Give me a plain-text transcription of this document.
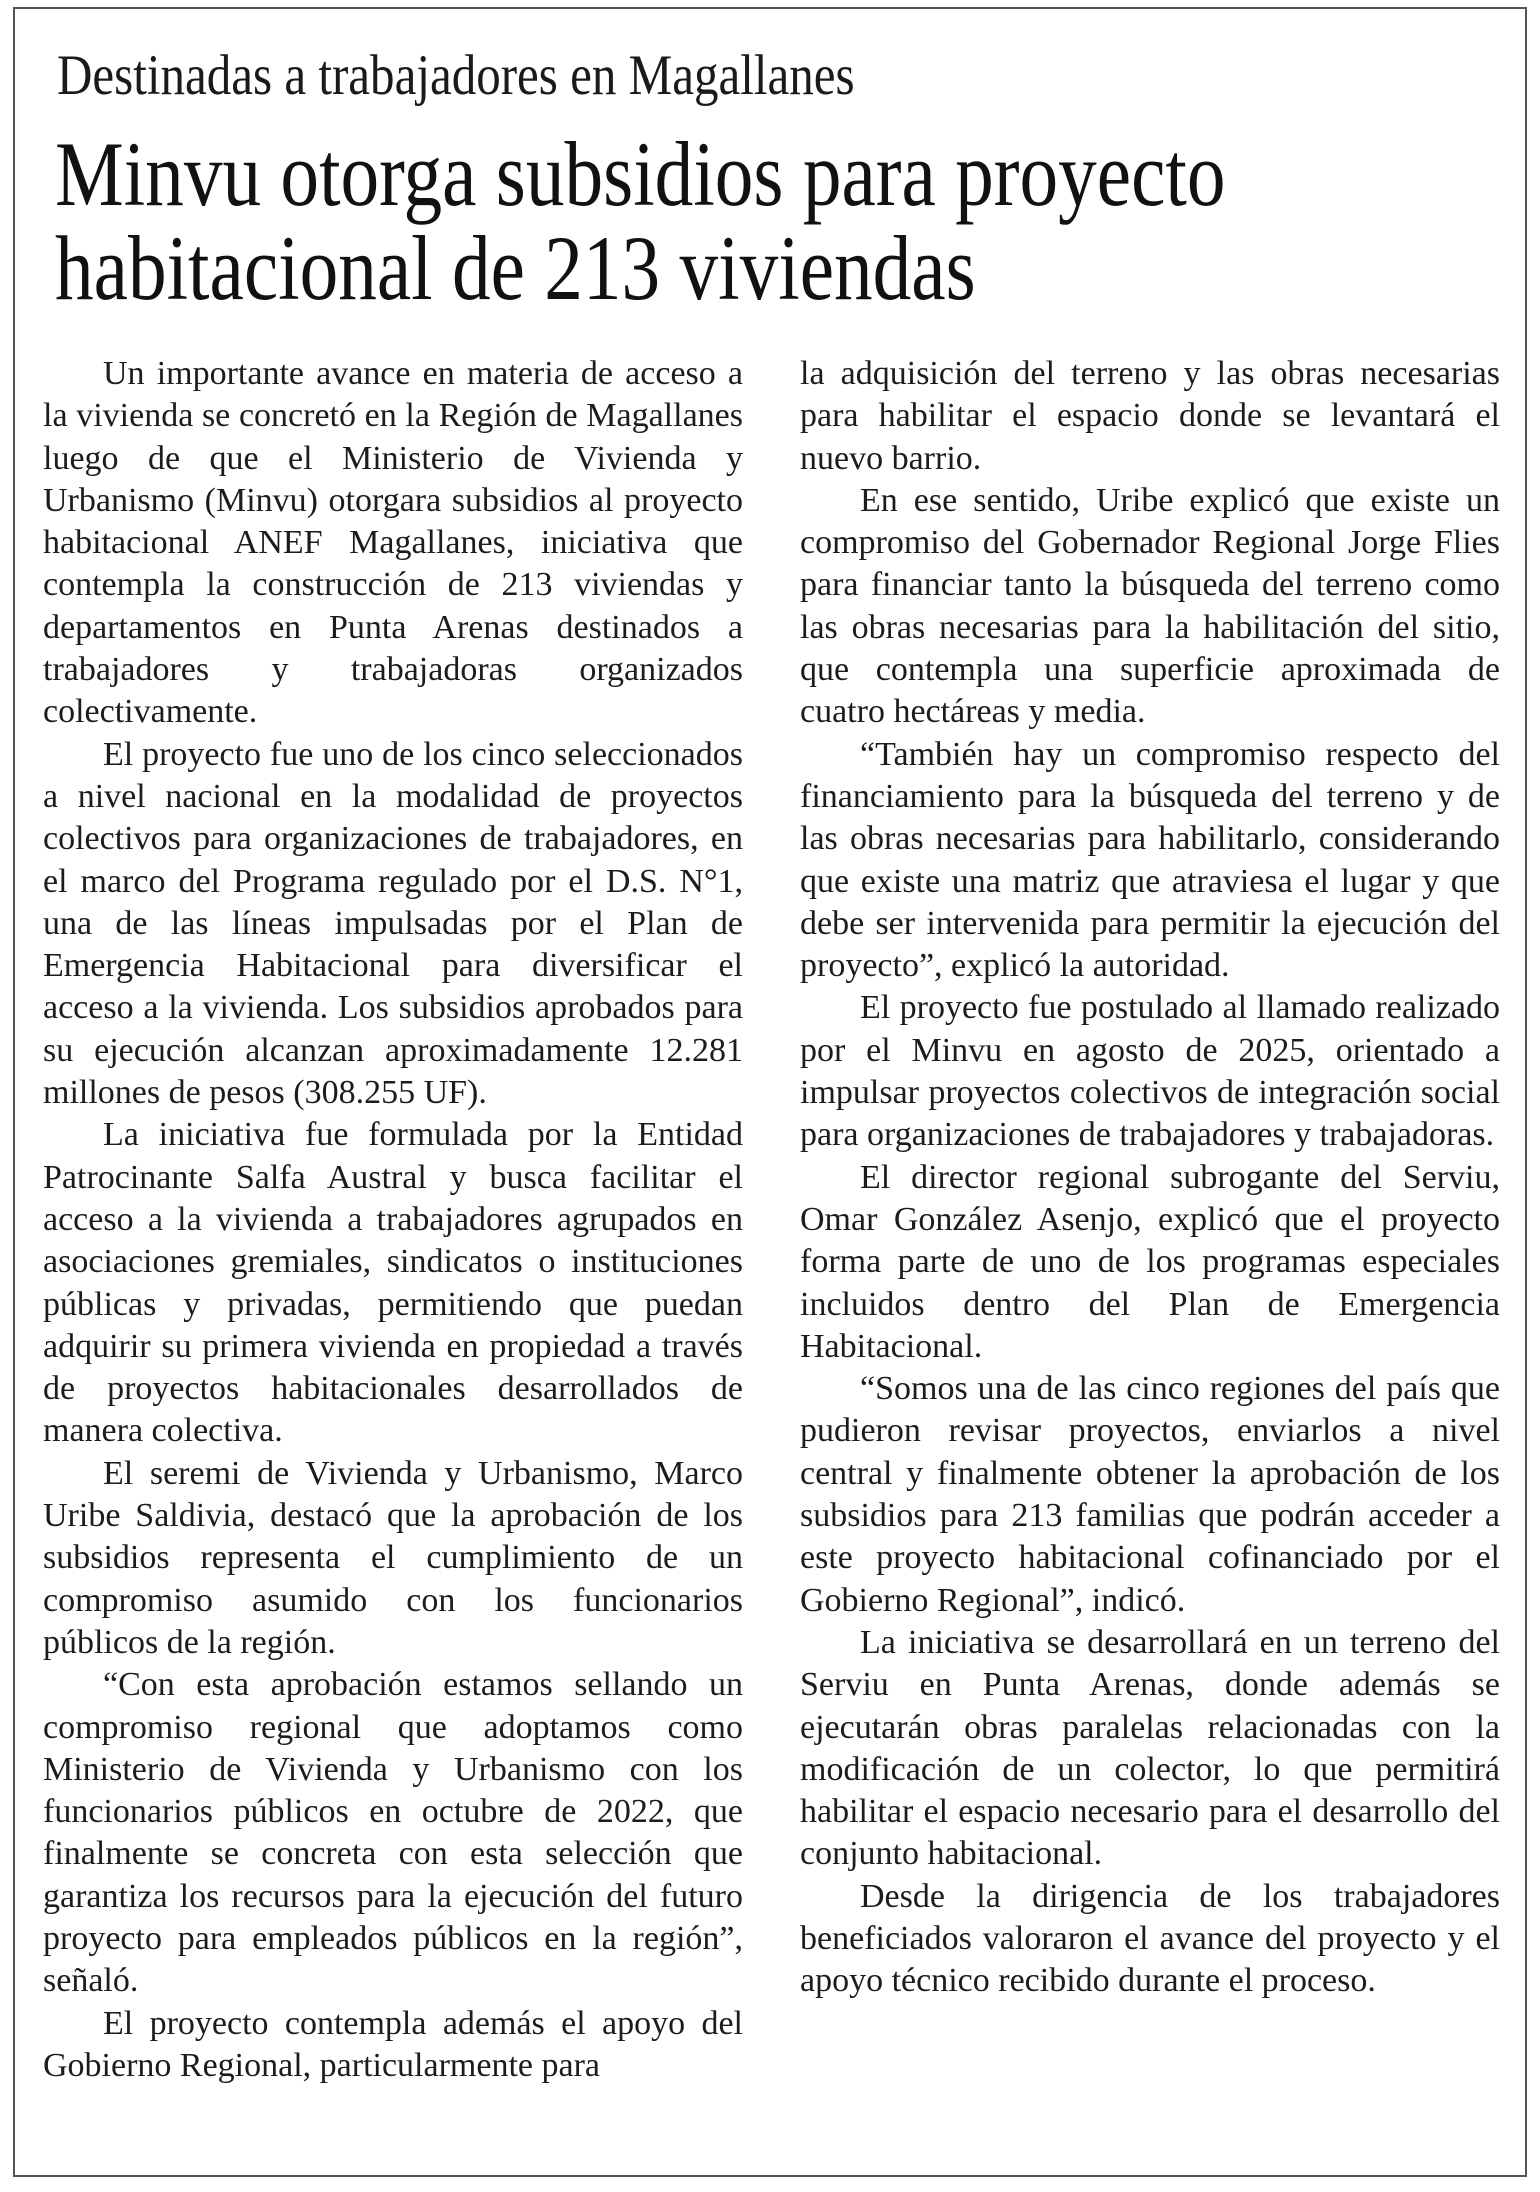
Destinadas a trabajadores en Magallanes
Minvu otorga subsidios para proyecto
habitacional de 213 viviendas

Un importante avance en materia de acceso a la vivienda se concretó en la Región de Magallanes luego de que el Ministerio de Vivienda y Urbanismo (Minvu) otorgara subsidios al proyecto habitacional ANEF Magallanes, iniciativa que contempla la construcción de 213 viviendas y departamentos en Punta Arenas destinados a trabajadores y trabajadoras organizados colectivamente.

El proyecto fue uno de los cinco seleccionados a nivel nacional en la modalidad de proyectos colectivos para organizaciones de trabajadores, en el marco del Programa regulado por el D.S. N°1, una de las líneas impulsadas por el Plan de Emergencia Habitacional para diversificar el acceso a la vivienda. Los subsidios aprobados para su ejecución alcanzan aproximadamente 12.281 millones de pesos (308.255 UF).

La iniciativa fue formulada por la Entidad Patrocinante Salfa Austral y busca facilitar el acceso a la vivienda a trabajadores agrupados en asociaciones gremiales, sindicatos o instituciones públicas y privadas, permitiendo que puedan adquirir su primera vivienda en propiedad a través de proyectos habitacionales desarrollados de manera colectiva.

El seremi de Vivienda y Urbanismo, Marco Uribe Saldivia, destacó que la aprobación de los subsidios representa el cumplimiento de un compromiso asumido con los funcionarios públicos de la región.

“Con esta aprobación estamos sellando un compromiso regional que adoptamos como Ministerio de Vivienda y Urbanismo con los funcionarios públicos en octubre de 2022, que finalmente se concreta con esta selección que garantiza los recursos para la ejecución del futuro proyecto para empleados públicos en la región”, señaló.

El proyecto contempla además el apoyo del Gobierno Regional, particularmente para

la adquisición del terreno y las obras necesarias para habilitar el espacio donde se levantará el nuevo barrio.

En ese sentido, Uribe explicó que existe un compromiso del Gobernador Regional Jorge Flies para financiar tanto la búsqueda del terreno como las obras necesarias para la habilitación del sitio, que contempla una superficie aproximada de cuatro hectáreas y media.

“También hay un compromiso respecto del financiamiento para la búsqueda del terreno y de las obras necesarias para habilitarlo, considerando que existe una matriz que atraviesa el lugar y que debe ser intervenida para permitir la ejecución del proyecto”, explicó la autoridad.

El proyecto fue postulado al llamado realizado por el Minvu en agosto de 2025, orientado a impulsar proyectos colectivos de integración social para organizaciones de trabajadores y trabajadoras.

El director regional subrogante del Serviu, Omar González Asenjo, explicó que el proyecto forma parte de uno de los programas especiales incluidos dentro del Plan de Emergencia Habitacional.

“Somos una de las cinco regiones del país que pudieron revisar proyectos, enviarlos a nivel central y finalmente obtener la aprobación de los subsidios para 213 familias que podrán acceder a este proyecto habitacional cofinanciado por el Gobierno Regional”, indicó.

La iniciativa se desarrollará en un terreno del Serviu en Punta Arenas, donde además se ejecutarán obras paralelas relacionadas con la modificación de un colector, lo que permitirá habilitar el espacio necesario para el desarrollo del conjunto habitacional.

Desde la dirigencia de los trabajadores beneficiados valoraron el avance del proyecto y el apoyo técnico recibido durante el proceso.
